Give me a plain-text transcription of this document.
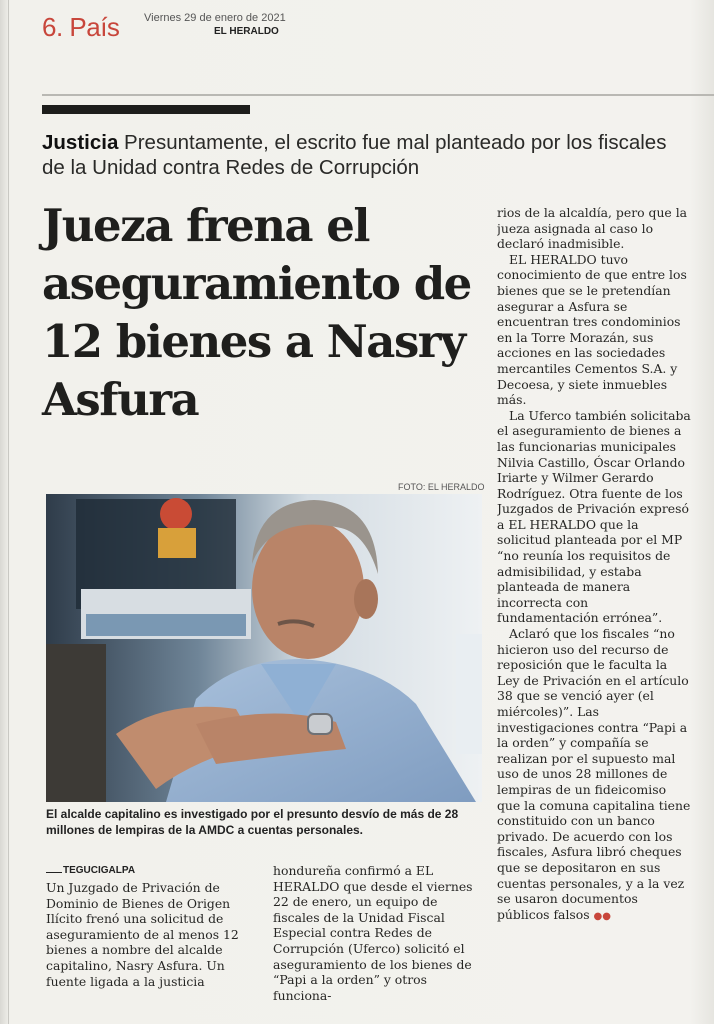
6. País Viernes 29 de enero de 2021
EL HERALDO
Justicia Presuntamente, el escrito fue mal planteado por los fiscales de la Unidad contra Redes de Corrupción
Jueza frena el aseguramiento de 12 bienes a Nasry Asfura
FOTO: EL HERALDO
El alcalde capitalino es investigado por el presunto desvío de más de 28 millones de lempiras de la AMDC a cuentas personales.
TEGUCIGALPA

Un Juzgado de Privación de Dominio de Bienes de Origen Ilícito frenó una solicitud de aseguramiento de al menos 12 bienes a nombre del alcalde capitalino, Nasry Asfura. Un fuente ligada a la justicia

hondureña confirmó a EL HERALDO que desde el viernes 22 de enero, un equipo de fiscales de la Unidad Fiscal Especial contra Redes de Corrupción (Uferco) solicitó el aseguramiento de los bienes de “Papi a la orden” y otros funciona-

rios de la alcaldía, pero que la jueza asignada al caso lo declaró inadmisible.

EL HERALDO tuvo conocimiento de que entre los bienes que se le pretendían asegurar a Asfura se encuentran tres condominios en la Torre Morazán, sus acciones en las sociedades mercantiles Cementos S.A. y Decoesa, y siete inmuebles más.

La Uferco también solicitaba el aseguramiento de bienes a las funcionarias municipales Nilvia Castillo, Óscar Orlando Iriarte y Wilmer Gerardo Rodríguez. Otra fuente de los Juzgados de Privación expresó a EL HERALDO que la solicitud planteada por el MP “no reunía los requisitos de admisibilidad, y estaba planteada de manera incorrecta con fundamentación errónea”.

Aclaró que los fiscales “no hicieron uso del recurso de reposición que le faculta la Ley de Privación en el artículo 38 que se venció ayer (el miércoles)”. Las investigaciones contra “Papi a la orden” y compañía se realizan por el supuesto mal uso de unos 28 millones de lempiras de un fideicomiso que la comuna capitalina tiene constituido con un banco privado. De acuerdo con los fiscales, Asfura libró cheques que se depositaron en sus cuentas personales, y a la vez se usaron documentos públicos falsos ●●
